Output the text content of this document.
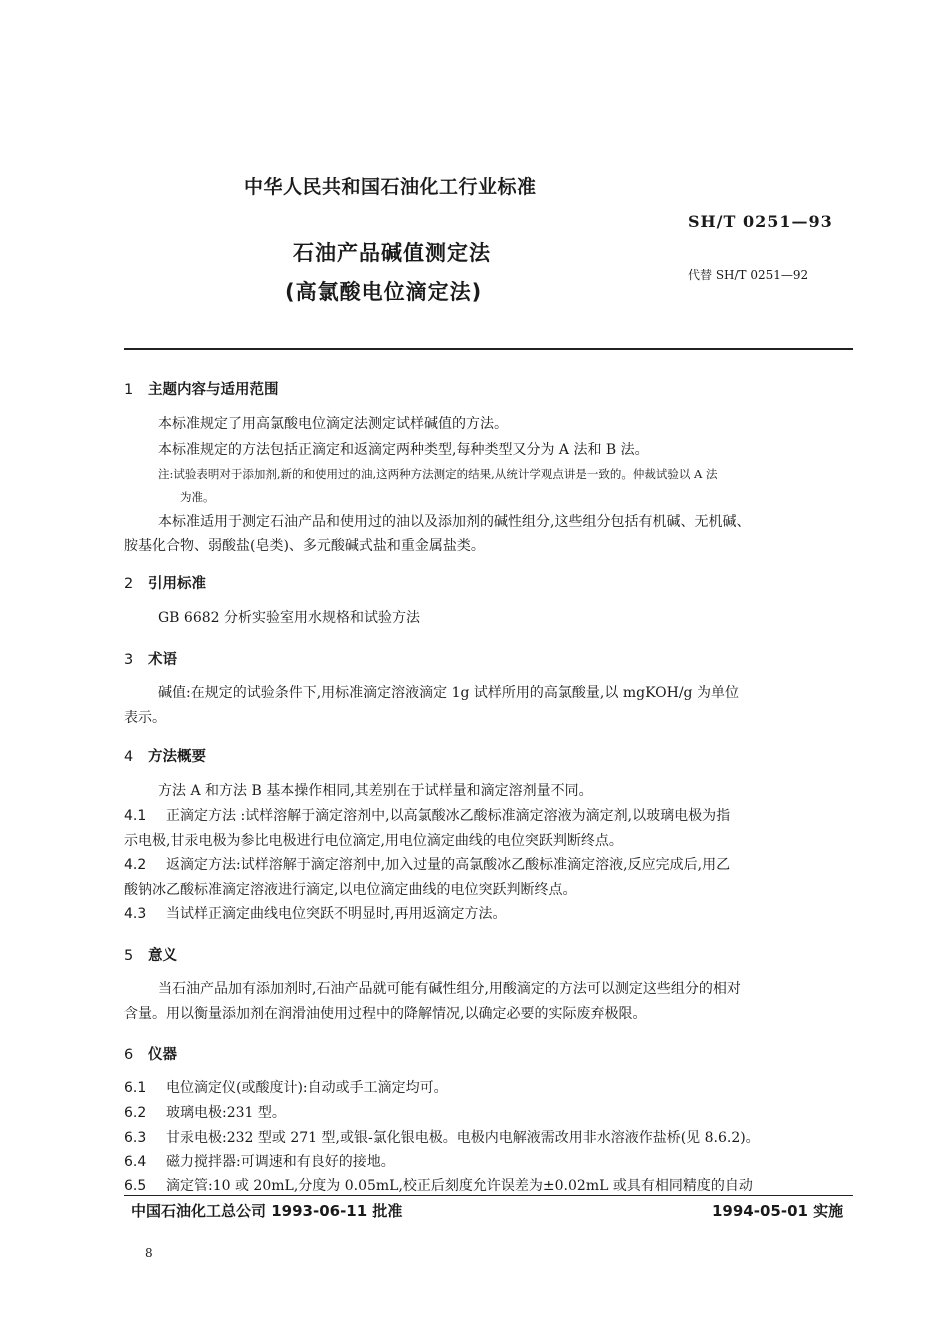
中华人民共和国石油化工行业标准
SH/T 0251—93
石油产品碱值测定法
(高氯酸电位滴定法)
代替 SH/T 0251—92
1 主题内容与适用范围
本标准规定了用高氯酸电位滴定法测定试样碱值的方法。
本标准规定的方法包括正滴定和返滴定两种类型,每种类型又分为 A 法和 B 法。
注:试验表明对于添加剂,新的和使用过的油,这两种方法测定的结果,从统计学观点讲是一致的。仲裁试验以 A 法
为准。
本标准适用于测定石油产品和使用过的油以及添加剂的碱性组分,这些组分包括有机碱、无机碱、
胺基化合物、弱酸盐(皂类)、多元酸碱式盐和重金属盐类。
2 引用标准
GB 6682 分析实验室用水规格和试验方法
3 术语
碱值:在规定的试验条件下,用标准滴定溶液滴定 1g 试样所用的高氯酸量,以 mgKOH/g 为单位
表示。
4 方法概要
方法 A 和方法 B 基本操作相同,其差别在于试样量和滴定溶剂量不同。
4.1 正滴定方法 :试样溶解于滴定溶剂中,以高氯酸冰乙酸标准滴定溶液为滴定剂,以玻璃电极为指
示电极,甘汞电极为参比电极进行电位滴定,用电位滴定曲线的电位突跃判断终点。
4.2 返滴定方法:试样溶解于滴定溶剂中,加入过量的高氯酸冰乙酸标准滴定溶液,反应完成后,用乙
酸钠冰乙酸标准滴定溶液进行滴定,以电位滴定曲线的电位突跃判断终点。
4.3 当试样正滴定曲线电位突跃不明显时,再用返滴定方法。
5 意义
当石油产品加有添加剂时,石油产品就可能有碱性组分,用酸滴定的方法可以测定这些组分的相对
含量。用以衡量添加剂在润滑油使用过程中的降解情况,以确定必要的实际废弃极限。
6 仪器
6.1 电位滴定仪(或酸度计):自动或手工滴定均可。
6.2 玻璃电极:231 型。
6.3 甘汞电极:232 型或 271 型,或银-氯化银电极。电极内电解液需改用非水溶液作盐桥(见 8.6.2)。
6.4 磁力搅拌器:可调速和有良好的接地。
6.5 滴定管:10 或 20mL,分度为 0.05mL,校正后刻度允许误差为±0.02mL 或具有相同精度的自动
中国石油化工总公司 1993-06-11 批准	1994-05-01 实施
8
